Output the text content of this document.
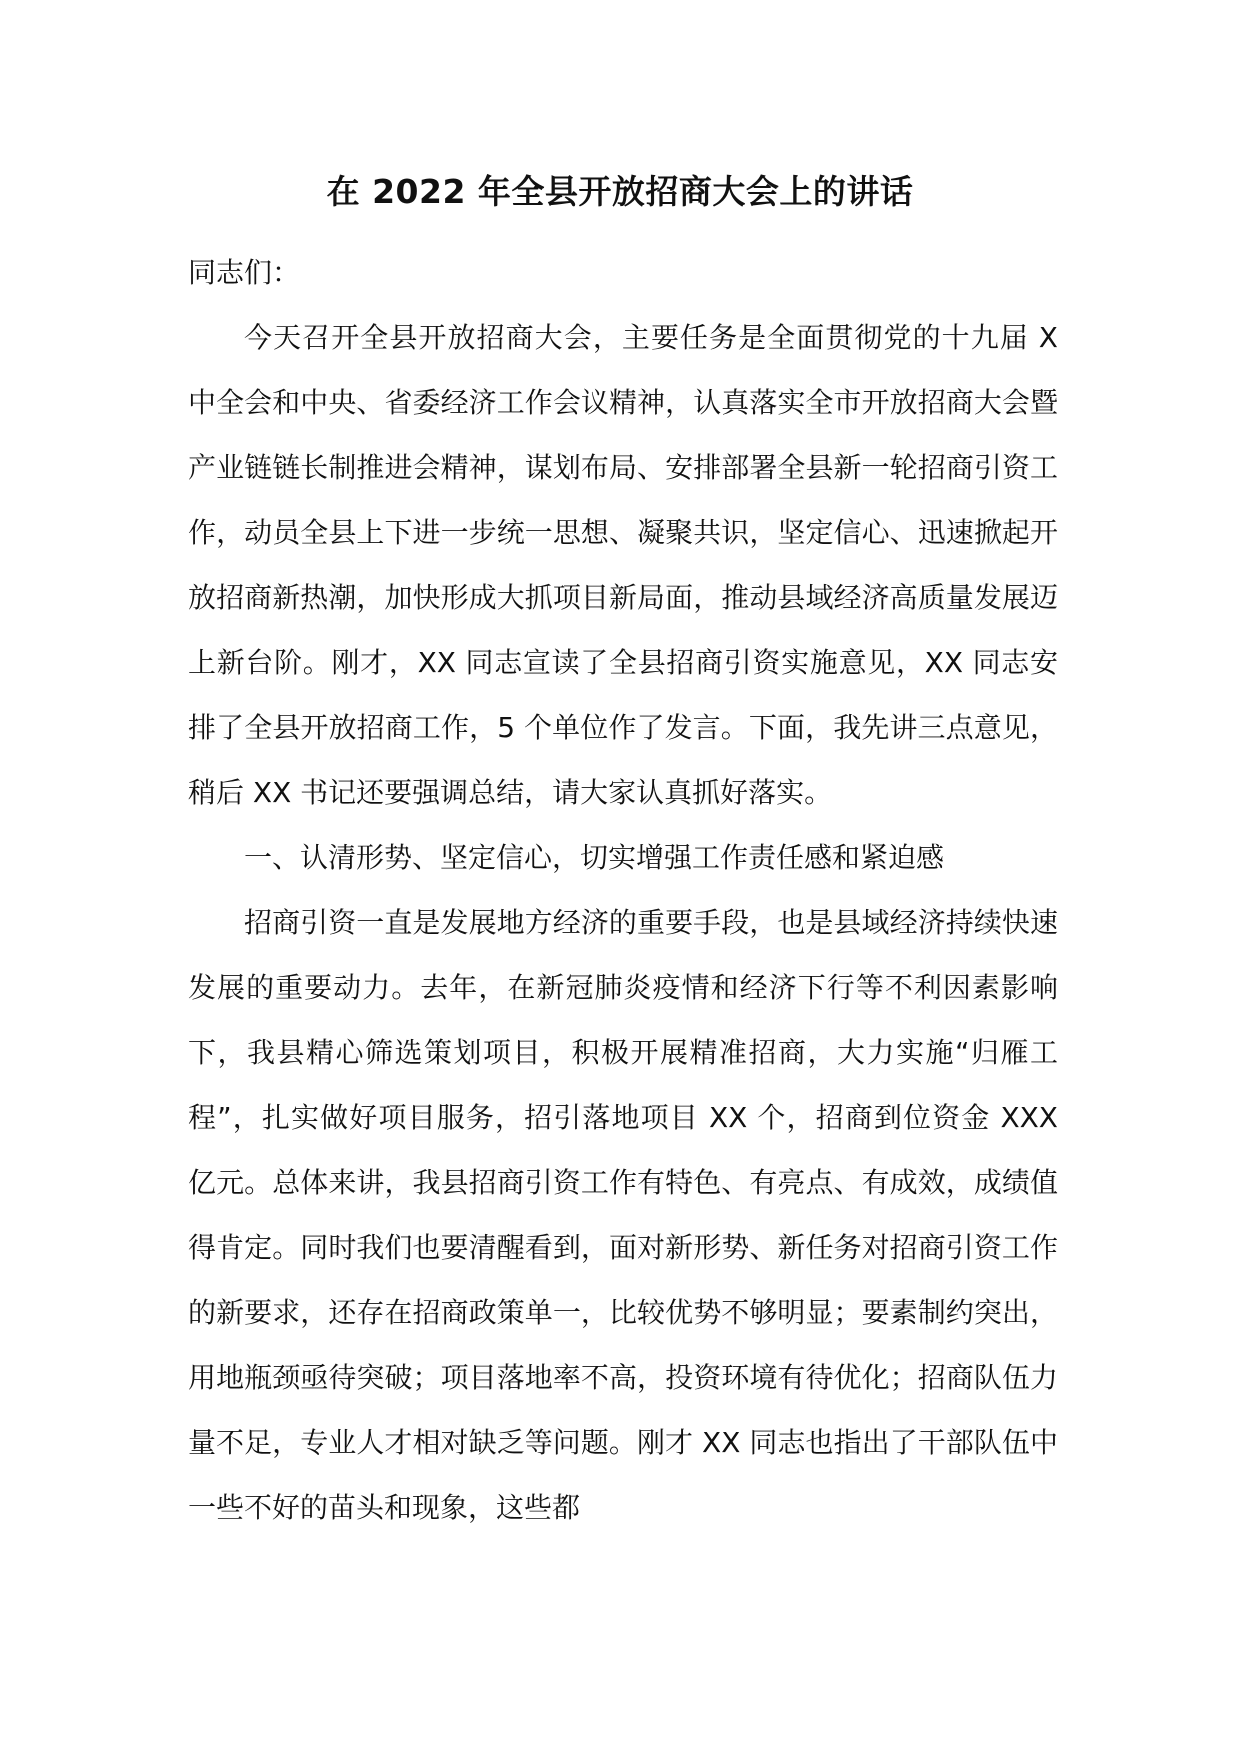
在 2022 年全县开放招商大会上的讲话

同志们：

今天召开全县开放招商大会，主要任务是全面贯彻党的十九届 X 中全会和中央、省委经济工作会议精神，认真落实全市开放招商大会暨产业链链长制推进会精神，谋划布局、安排部署全县新一轮招商引资工作，动员全县上下进一步统一思想、凝聚共识，坚定信心、迅速掀起开放招商新热潮，加快形成大抓项目新局面，推动县域经济高质量发展迈上新台阶。刚才，XX 同志宣读了全县招商引资实施意见，XX 同志安排了全县开放招商工作，5 个单位作了发言。下面，我先讲三点意见，稍后 XX 书记还要强调总结，请大家认真抓好落实。

一、认清形势、坚定信心，切实增强工作责任感和紧迫感

招商引资一直是发展地方经济的重要手段，也是县域经济持续快速发展的重要动力。去年，在新冠肺炎疫情和经济下行等不利因素影响下，我县精心筛选策划项目，积极开展精准招商，大力实施“归雁工程”，扎实做好项目服务，招引落地项目 XX 个，招商到位资金 XXX 亿元。总体来讲，我县招商引资工作有特色、有亮点、有成效，成绩值得肯定。同时我们也要清醒看到，面对新形势、新任务对招商引资工作的新要求，还存在招商政策单一，比较优势不够明显；要素制约突出，用地瓶颈亟待突破；项目落地率不高，投资环境有待优化；招商队伍力量不足，专业人才相对缺乏等问题。刚才 XX 同志也指出了干部队伍中一些不好的苗头和现象，这些都
